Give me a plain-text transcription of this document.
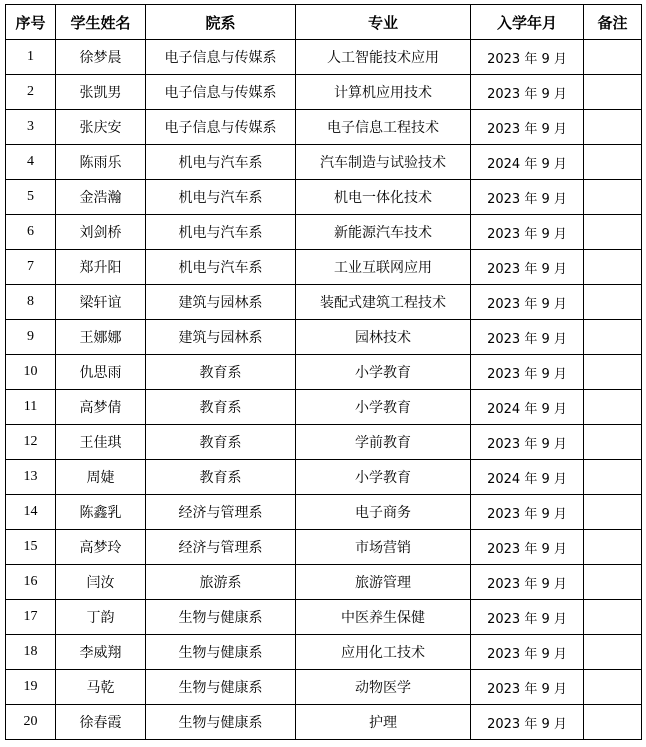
序号	学生姓名	院系	专业	入学年月	备注
1	徐梦晨	电子信息与传媒系	人工智能技术应用	2023 年 9 月	
2	张凯男	电子信息与传媒系	计算机应用技术	2023 年 9 月	
3	张庆安	电子信息与传媒系	电子信息工程技术	2023 年 9 月	
4	陈雨乐	机电与汽车系	汽车制造与试验技术	2024 年 9 月	
5	金浩瀚	机电与汽车系	机电一体化技术	2023 年 9 月	
6	刘剑桥	机电与汽车系	新能源汽车技术	2023 年 9 月	
7	郑升阳	机电与汽车系	工业互联网应用	2023 年 9 月	
8	梁轩谊	建筑与园林系	装配式建筑工程技术	2023 年 9 月	
9	王娜娜	建筑与园林系	园林技术	2023 年 9 月	
10	仇思雨	教育系	小学教育	2023 年 9 月	
11	高梦倩	教育系	小学教育	2024 年 9 月	
12	王佳琪	教育系	学前教育	2023 年 9 月	
13	周婕	教育系	小学教育	2024 年 9 月	
14	陈鑫乳	经济与管理系	电子商务	2023 年 9 月	
15	高梦玲	经济与管理系	市场营销	2023 年 9 月	
16	闫汝	旅游系	旅游管理	2023 年 9 月	
17	丁韵	生物与健康系	中医养生保健	2023 年 9 月	
18	李威翔	生物与健康系	应用化工技术	2023 年 9 月	
19	马乾	生物与健康系	动物医学	2023 年 9 月	
20	徐春霞	生物与健康系	护理	2023 年 9 月	
